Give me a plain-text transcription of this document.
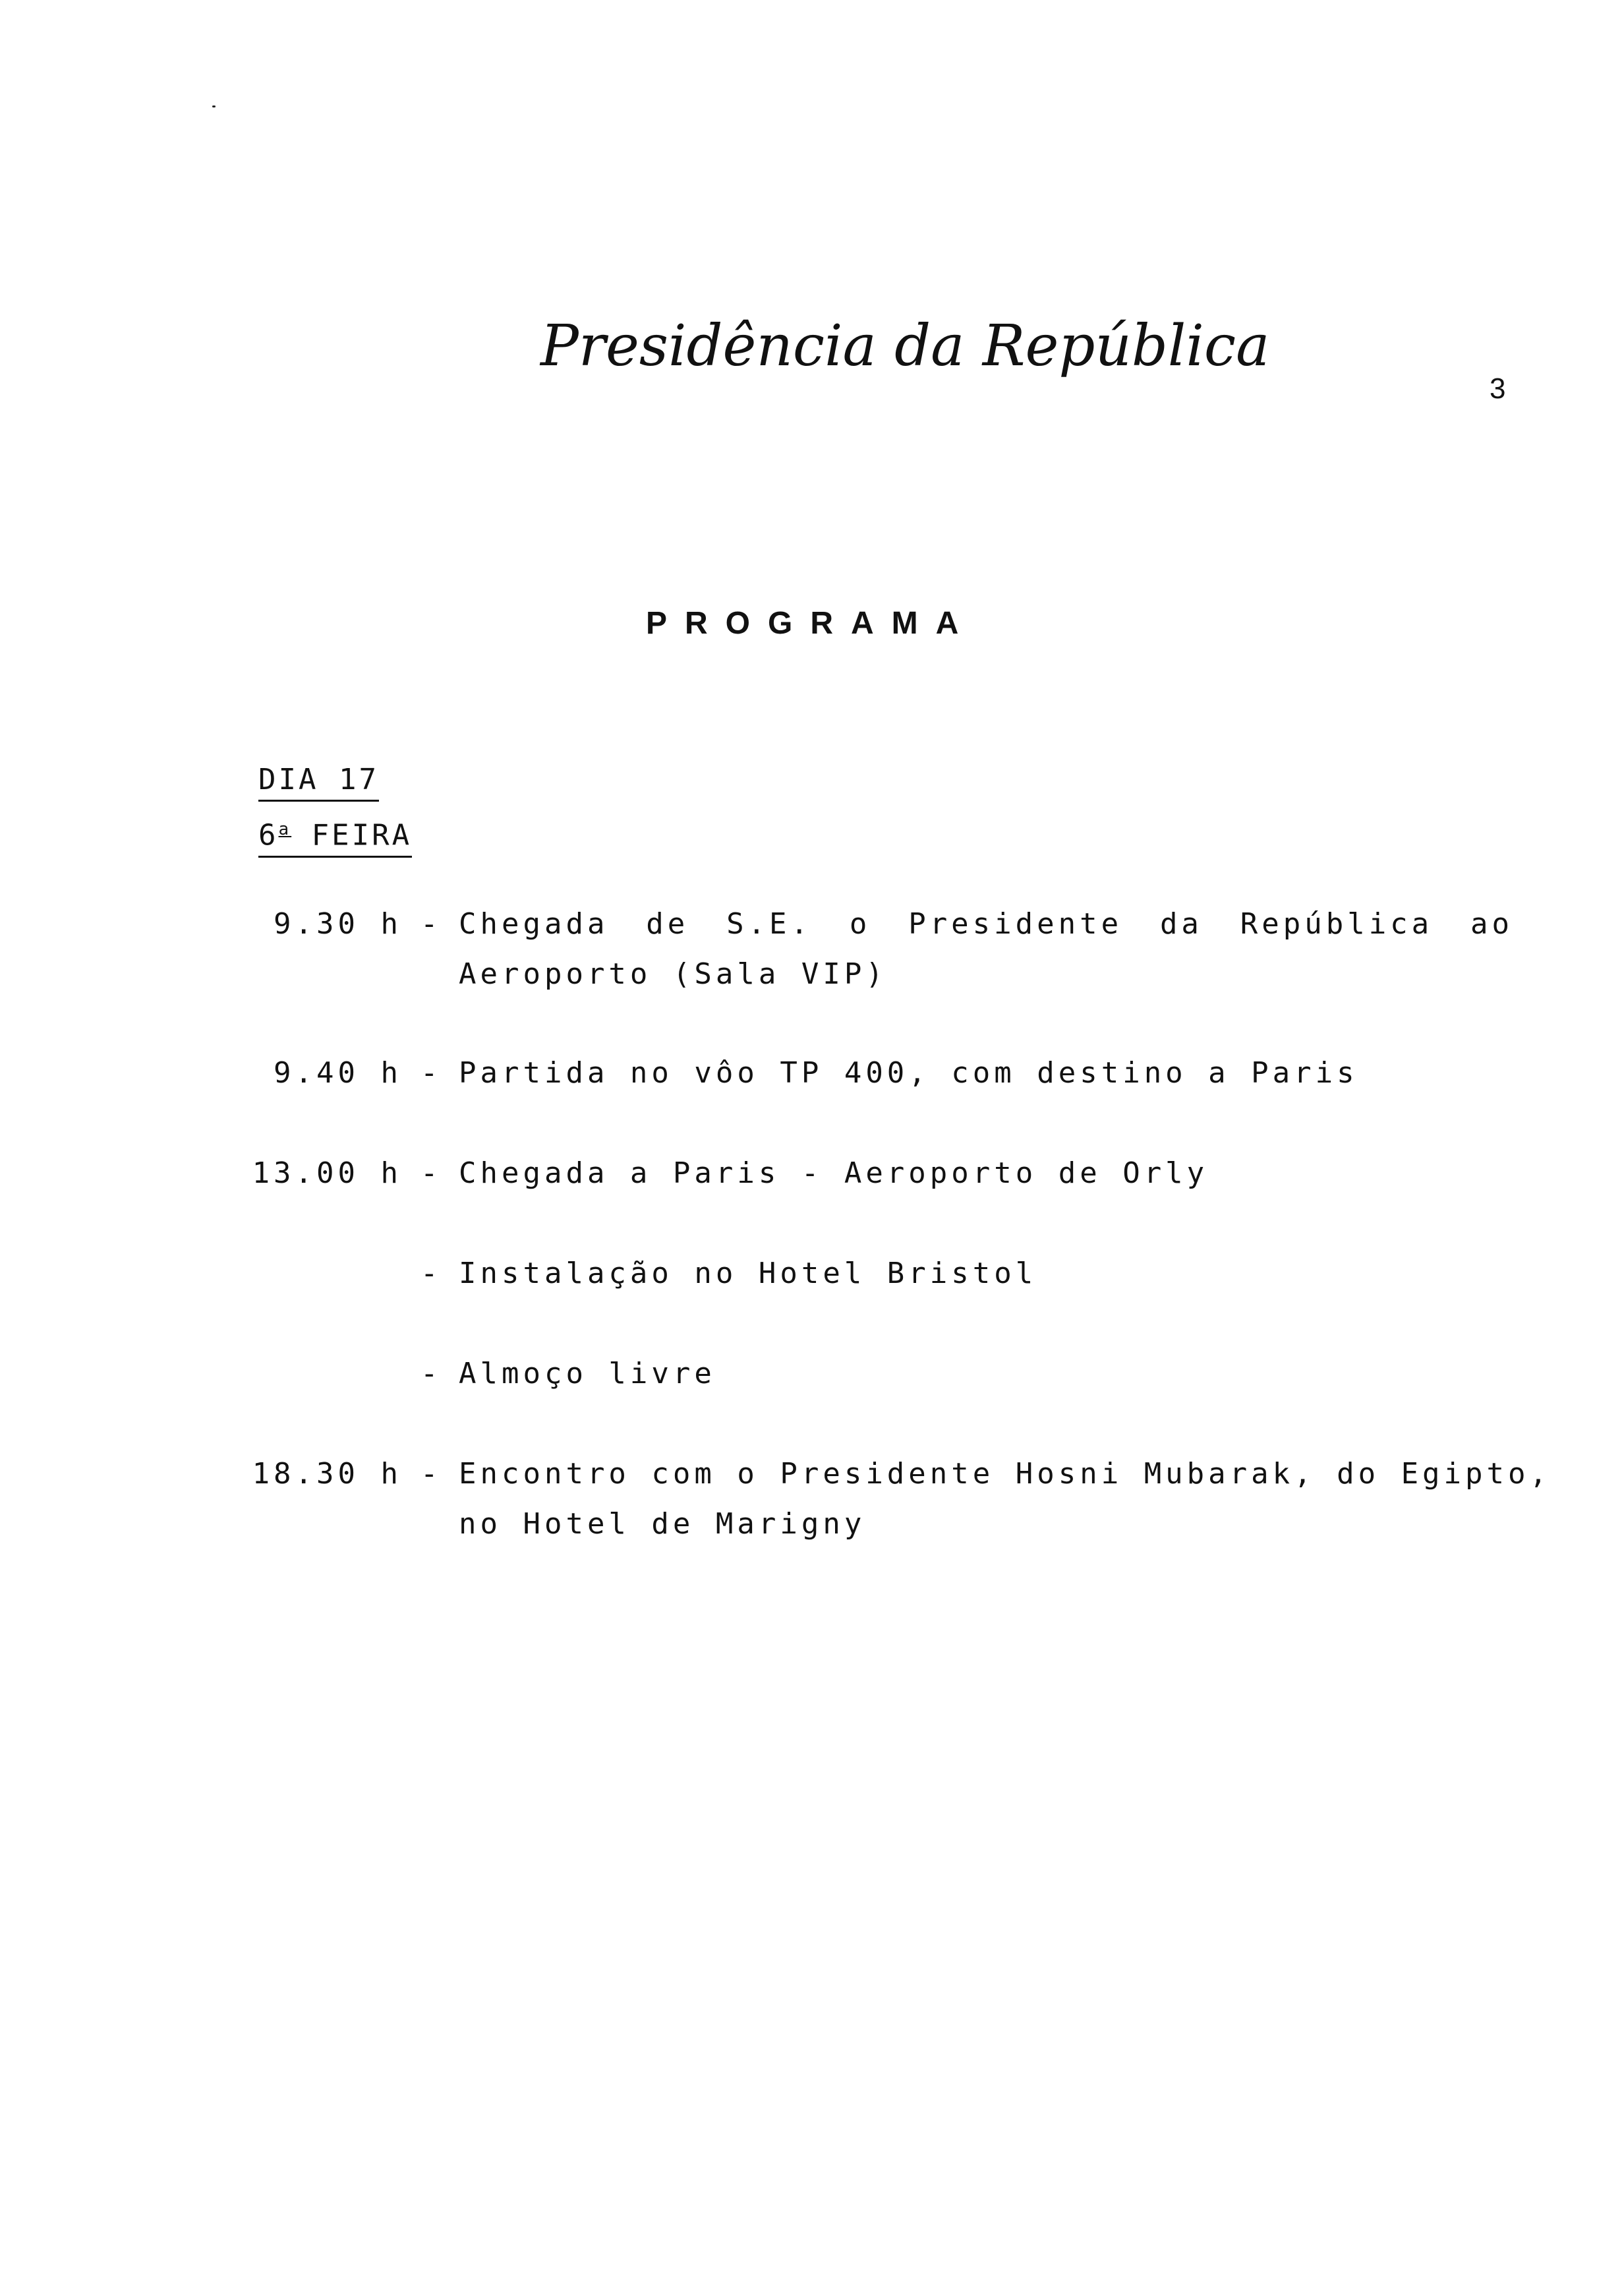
Presidência da República
3
PROGRAMA
DIA 17
6$^a$ FEIRA
9.30 h - Chegada de S.E. o Presidente da República ao
Aeroporto (Sala VIP)
9.40 h - Partida no vôo TP 400, com destino a Paris
13.00 h - Chegada a Paris - Aeroporto de Orly
- Instalação no Hotel Bristol
- Almoço livre
18.30 h - Encontro com o Presidente Hosni Mubarak, do Egipto,
no Hotel de Marigny
